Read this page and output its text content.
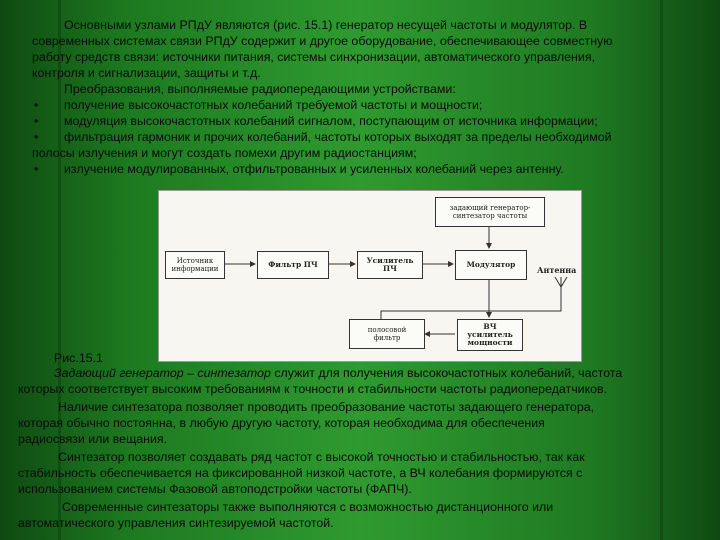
Основными узлами РПдУ являются (рис. 15.1) генератор несущей частоты и модулятор. В
современных системах связи РПдУ содержит и другое оборудование, обеспечивающее совместную
работу средств связи: источники питания, системы синхронизации, автоматического управления,
контроля и сигнализации, защиты и т.д.
Преобразования, выполняемые радиопередающими устройствами:
• получение высокочастотных колебаний требуемой частоты и мощности;
• модуляция высокочастотных колебаний сигналом, поступающим от источника информации;
• фильтрация гармоник и прочих колебаний, частоты которых выходят за пределы необходимой
полосы излучения и могут создать помехи другим радиостанциям;
• излучение модулированных, отфильтрованных и усиленных колебаний через антенну.
Источник
информации	Фильтр ПЧ	Усилитель
ПЧ	Модулятор
задающий генератор-
синтезатор частоты
Антенна
полосовой
фильтр
ВЧ
усилитель
мощности
Рис.15.1
Задающий генератор – синтезатор служит для получения высокочастотных колебаний, частота
которых соответствует высоким требованиям к точности и стабильности частоты радиопередатчиков.
Наличие синтезатора позволяет проводить преобразование частоты задающего генератора,
которая обычно постоянна, в любую другую частоту, которая необходима для обеспечения
радиосвязи или вещания.
Синтезатор позволяет создавать ряд частот с высокой точностью и стабильностью, так как
стабильность обеспечивается на фиксированной низкой частоте, а ВЧ колебания формируются с
использованием системы Фазовой автоподстройки частоты (ФАПЧ).
Современные синтезаторы также выполняются с возможностью дистанционного или
автоматического управления синтезируемой частотой.
